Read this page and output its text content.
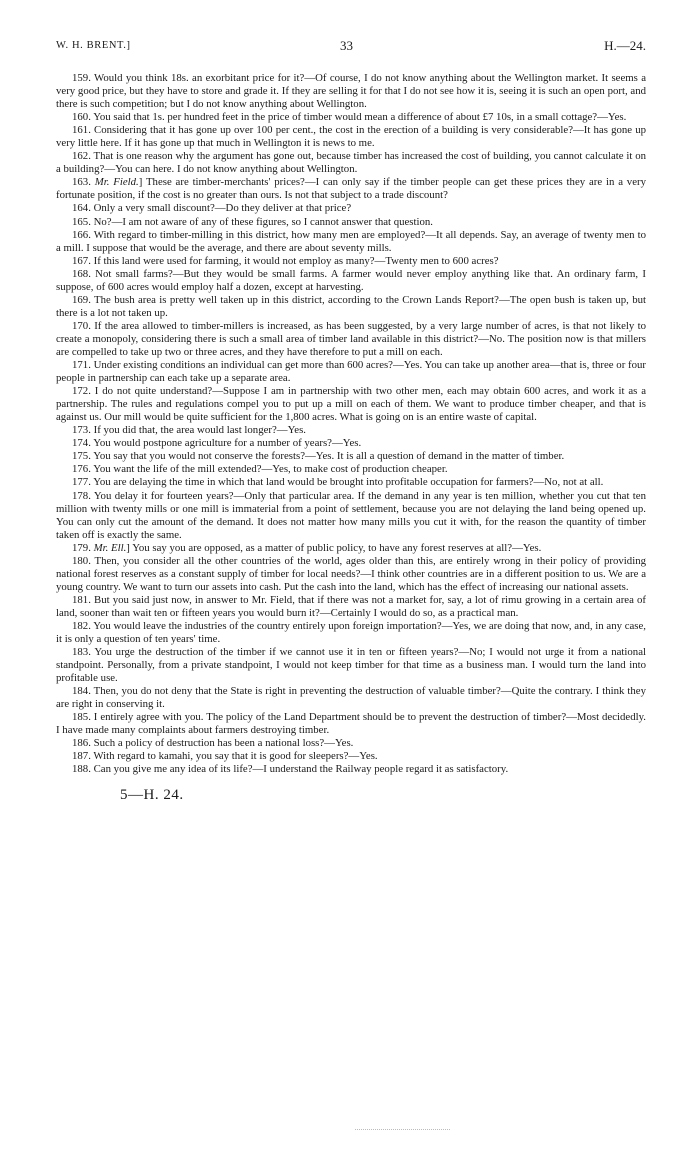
W. H. BRENT.]	33	H.—24.

159. Would you think 18s. an exorbitant price for it?—Of course, I do not know anything about the Wellington market. It seems a very good price, but they have to store and grade it. If they are selling it for that I do not see how it is, seeing it is such an open port, and there is such competition; but I do not know anything about Wellington.

160. You said that 1s. per hundred feet in the price of timber would mean a difference of about £7 10s, in a small cottage?—Yes.

161. Considering that it has gone up over 100 per cent., the cost in the erection of a building is very considerable?—It has gone up very little here. If it has gone up that much in Wellington it is news to me.

162. That is one reason why the argument has gone out, because timber has increased the cost of building, you cannot calculate it on a building?—You can here. I do not know anything about Wellington.

163. Mr. Field.] These are timber-merchants' prices?—I can only say if the timber people can get these prices they are in a very fortunate position, if the cost is no greater than ours. Is not that subject to a trade discount?

164. Only a very small discount?—Do they deliver at that price?

165. No?—I am not aware of any of these figures, so I cannot answer that question.

166. With regard to timber-milling in this district, how many men are employed?—It all depends. Say, an average of twenty men to a mill. I suppose that would be the average, and there are about seventy mills.

167. If this land were used for farming, it would not employ as many?—Twenty men to 600 acres?

168. Not small farms?—But they would be small farms. A farmer would never employ anything like that. An ordinary farm, I suppose, of 600 acres would employ half a dozen, except at harvesting.

169. The bush area is pretty well taken up in this district, according to the Crown Lands Report?—The open bush is taken up, but there is a lot not taken up.

170. If the area allowed to timber-millers is increased, as has been suggested, by a very large number of acres, is that not likely to create a monopoly, considering there is such a small area of timber land available in this district?—No. The position now is that millers are compelled to take up two or three acres, and they have therefore to put a mill on each.

171. Under existing conditions an individual can get more than 600 acres?—Yes. You can take up another area—that is, three or four people in partnership can each take up a separate area.

172. I do not quite understand?—Suppose I am in partnership with two other men, each may obtain 600 acres, and work it as a partnership. The rules and regulations compel you to put up a mill on each of them. We want to produce timber cheaper, and that is against us. Our mill would be quite sufficient for the 1,800 acres. What is going on is an entire waste of capital.

173. If you did that, the area would last longer?—Yes.

174. You would postpone agriculture for a number of years?—Yes.

175. You say that you would not conserve the forests?—Yes. It is all a question of demand in the matter of timber.

176. You want the life of the mill extended?—Yes, to make cost of production cheaper.

177. You are delaying the time in which that land would be brought into profitable occupation for farmers?—No, not at all.

178. You delay it for fourteen years?—Only that particular area. If the demand in any year is ten million, whether you cut that ten million with twenty mills or one mill is immaterial from a point of settlement, because you are not delaying the land being opened up. You can only cut the amount of the demand. It does not matter how many mills you cut it with, for the reason the quantity of timber taken off is exactly the same.

179. Mr. Ell.] You say you are opposed, as a matter of public policy, to have any forest reserves at all?—Yes.

180. Then, you consider all the other countries of the world, ages older than this, are entirely wrong in their policy of providing national forest reserves as a constant supply of timber for local needs?—I think other countries are in a different position to us. We are a young country. We want to turn our assets into cash. Put the cash into the land, which has the effect of increasing our national assets.

181. But you said just now, in answer to Mr. Field, that if there was not a market for, say, a lot of rimu growing in a certain area of land, sooner than wait ten or fifteen years you would burn it?—Certainly I would do so, as a practical man.

182. You would leave the industries of the country entirely upon foreign importation?—Yes, we are doing that now, and, in any case, it is only a question of ten years' time.

183. You urge the destruction of the timber if we cannot use it in ten or fifteen years?—No; I would not urge it from a national standpoint. Personally, from a private standpoint, I would not keep timber for that time as a business man. I would turn the land into profitable use.

184. Then, you do not deny that the State is right in preventing the destruction of valuable timber?—Quite the contrary. I think they are right in conserving it.

185. I entirely agree with you. The policy of the Land Department should be to prevent the destruction of timber?—Most decidedly. I have made many complaints about farmers destroying timber.

186. Such a policy of destruction has been a national loss?—Yes.

187. With regard to kamahi, you say that it is good for sleepers?—Yes.

188. Can you give me any idea of its life?—I understand the Railway people regard it as satisfactory.

5—H. 24.
